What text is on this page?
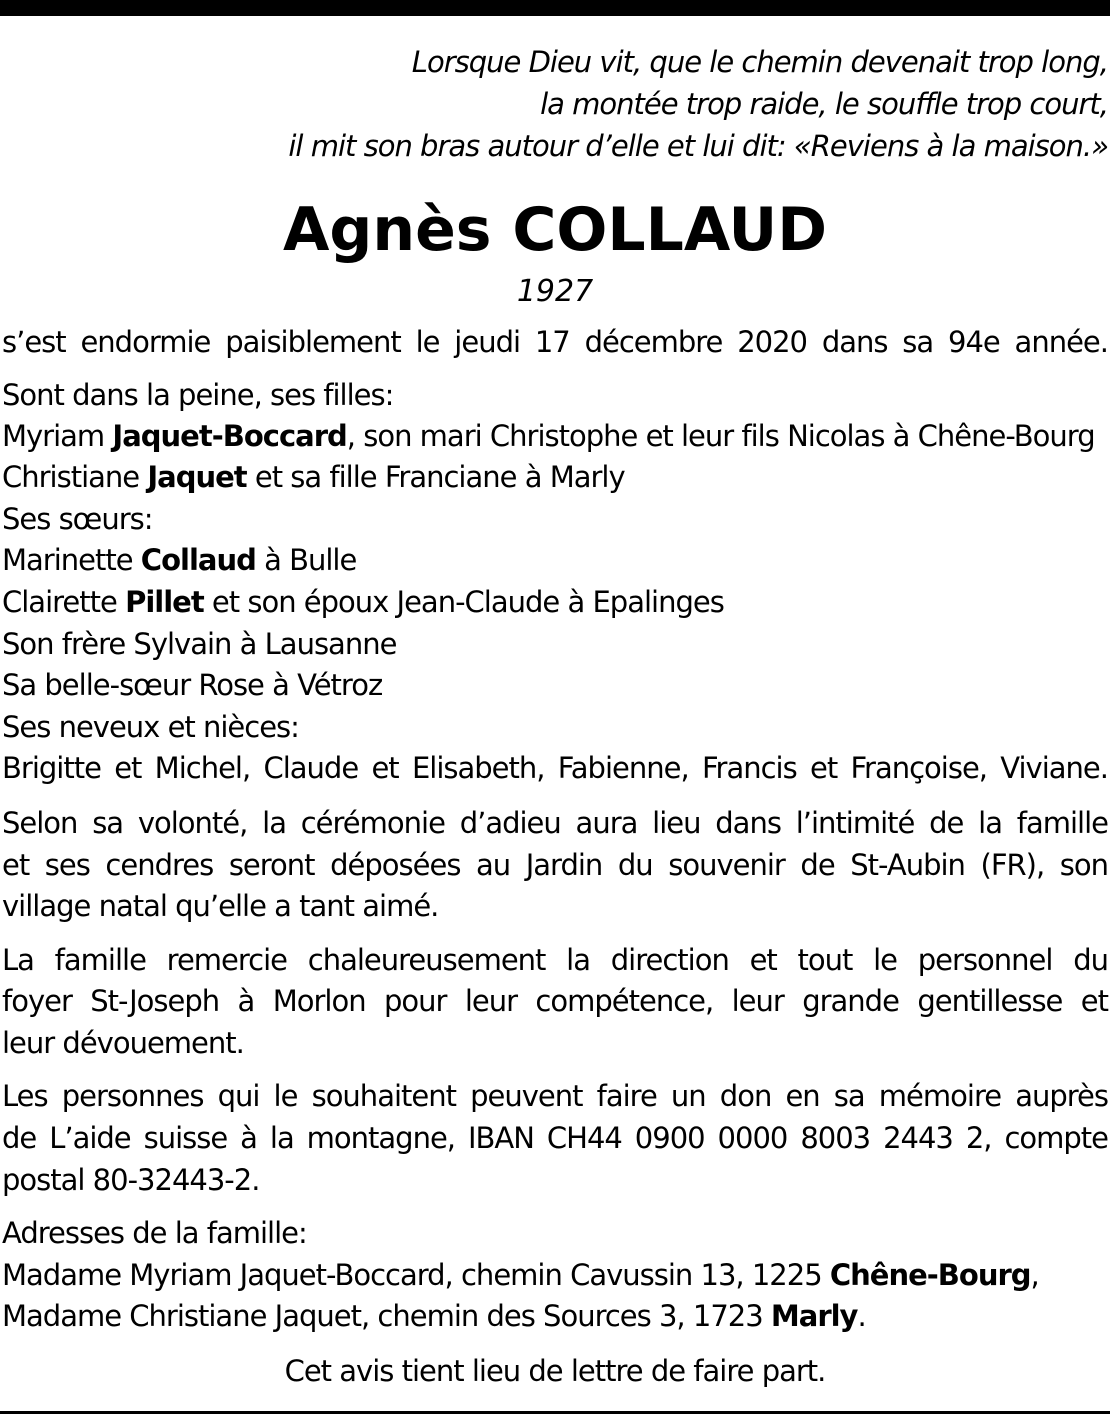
Lorsque Dieu vit, que le chemin devenait trop long,
la montée trop raide, le souffle trop court,
il mit son bras autour d’elle et lui dit: «Reviens à la maison.»
Agnès COLLAUD
1927
s’est endormie paisiblement le jeudi 17 décembre 2020 dans sa 94e année.
Sont dans la peine, ses filles:
Myriam Jaquet-Boccard, son mari Christophe et leur fils Nicolas à Chêne-Bourg
Christiane Jaquet et sa fille Franciane à Marly
Ses sœurs:
Marinette Collaud à Bulle
Clairette Pillet et son époux Jean-Claude à Epalinges
Son frère Sylvain à Lausanne
Sa belle-sœur Rose à Vétroz
Ses neveux et nièces:
Brigitte et Michel, Claude et Elisabeth, Fabienne, Francis et Françoise, Viviane.
Selon sa volonté, la cérémonie d’adieu aura lieu dans l’intimité de la famille
et ses cendres seront déposées au Jardin du souvenir de St-Aubin (FR), son
village natal qu’elle a tant aimé.
La famille remercie chaleureusement la direction et tout le personnel du
foyer St-Joseph à Morlon pour leur compétence, leur grande gentillesse et
leur dévouement.
Les personnes qui le souhaitent peuvent faire un don en sa mémoire auprès
de L’aide suisse à la montagne, IBAN CH44 0900 0000 8003 2443 2, compte
postal 80-32443-2.
Adresses de la famille:
Madame Myriam Jaquet-Boccard, chemin Cavussin 13, 1225 Chêne-Bourg,
Madame Christiane Jaquet, chemin des Sources 3, 1723 Marly.
Cet avis tient lieu de lettre de faire part.
